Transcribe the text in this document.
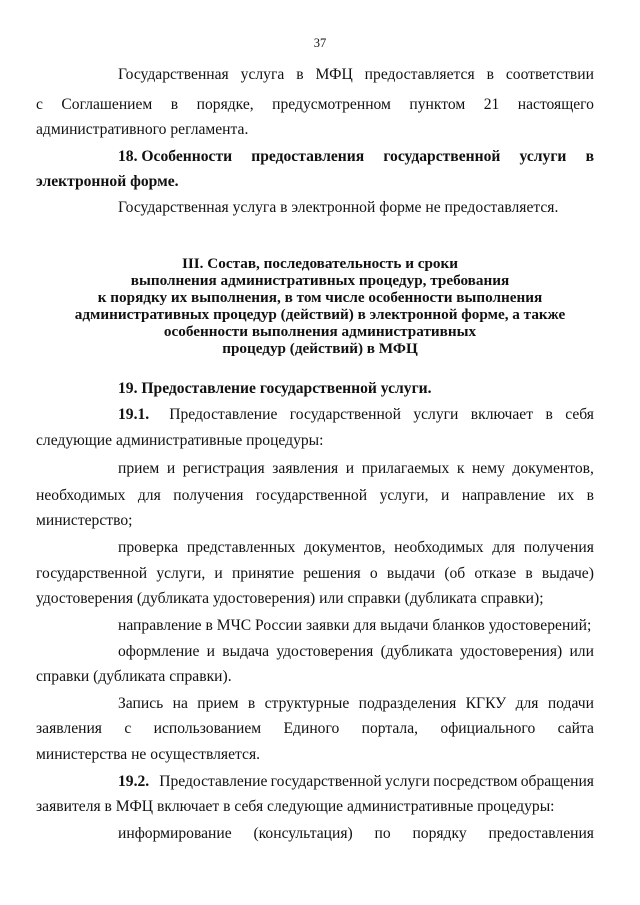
37
Государственная услуга в МФЦ предоставляется в соответствии
с Соглашением в порядке, предусмотренном пунктом 21 настоящего
административного регламента.
18. Особенности предоставления государственной услуги в
электронной форме.
Государственная услуга в электронной форме не предоставляется.
III. Состав, последовательность и сроки
выполнения административных процедур, требования
к порядку их выполнения, в том числе особенности выполнения
административных процедур (действий) в электронной форме, а также
особенности выполнения административных
процедур (действий) в МФЦ
19. Предоставление государственной услуги.
19.1. Предоставление государственной услуги включает в себя
следующие административные процедуры:
прием и регистрация заявления и прилагаемых к нему документов,
необходимых для получения государственной услуги, и направление их в
министерство;
проверка представленных документов, необходимых для получения
государственной услуги, и принятие решения о выдачи (об отказе в выдаче)
удостоверения (дубликата удостоверения) или справки (дубликата справки);
направление в МЧС России заявки для выдачи бланков удостоверений;
оформление и выдача удостоверения (дубликата удостоверения) или
справки (дубликата справки).
Запись на прием в структурные подразделения КГКУ для подачи
заявления с использованием Единого портала, официального сайта
министерства не осуществляется.
19.2. Предоставление государственной услуги посредством обращения
заявителя в МФЦ включает в себя следующие административные процедуры:
информирование (консультация) по порядку предоставления
